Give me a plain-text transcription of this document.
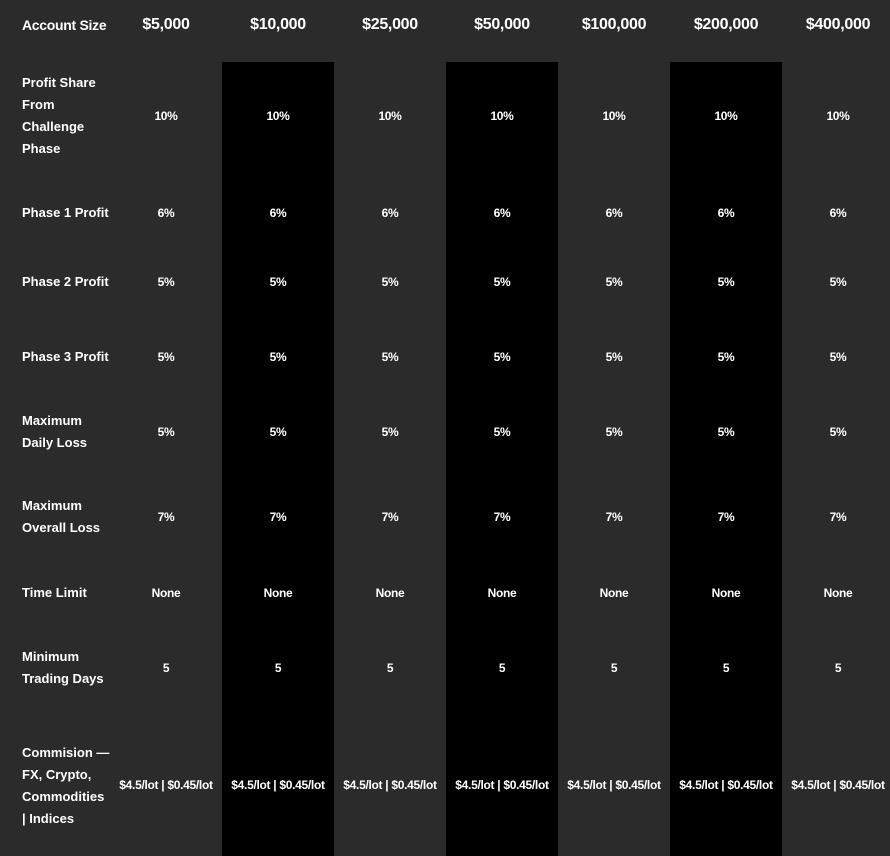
Account Size	$5,000	$10,000	$25,000	$50,000	$100,000	$200,000	$400,000
Profit Share From Challenge Phase	10%	10%	10%	10%	10%	10%	10%
Phase 1 Profit	6%	6%	6%	6%	6%	6%	6%
Phase 2 Profit	5%	5%	5%	5%	5%	5%	5%
Phase 3 Profit	5%	5%	5%	5%	5%	5%	5%
Maximum Daily Loss	5%	5%	5%	5%	5%	5%	5%
Maximum Overall Loss	7%	7%	7%	7%	7%	7%	7%
Time Limit	None	None	None	None	None	None	None
Minimum Trading Days	5	5	5	5	5	5	5
Commision — FX, Crypto, Commodities | Indices	$4.5/lot | $0.45/lot	$4.5/lot | $0.45/lot	$4.5/lot | $0.45/lot	$4.5/lot | $0.45/lot	$4.5/lot | $0.45/lot	$4.5/lot | $0.45/lot	$4.5/lot | $0.45/lot
